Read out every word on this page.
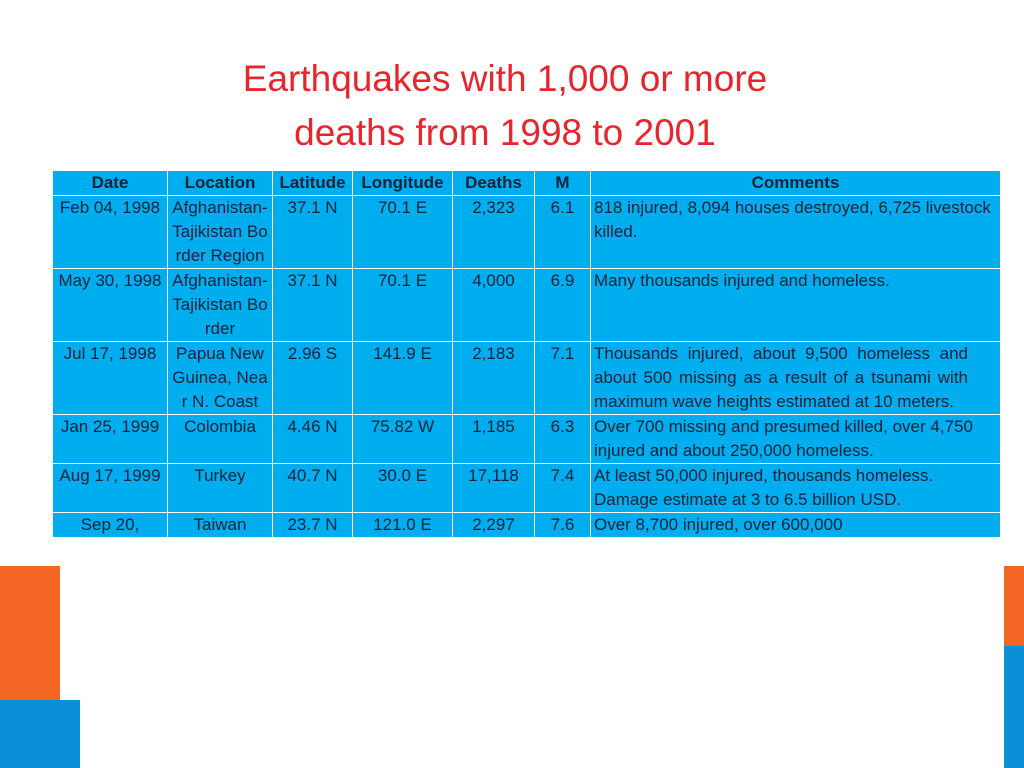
Earthquakes with 1,000 or more
deaths from 1998 to 2001
Date	Location	Latitude	Longitude	Deaths	M	Comments
Feb 04, 1998	Afghanistan-Tajikistan Border Region	37.1 N	70.1 E	2,323	6.1	818 injured, 8,094 houses destroyed, 6,725 livestock killed.
May 30, 1998	Afghanistan-Tajikistan Border	37.1 N	70.1 E	4,000	6.9	Many thousands injured and homeless.
Jul 17, 1998	Papua New Guinea, Near N. Coast	2.96 S	141.9 E	2,183	7.1	Thousands injured, about 9,500 homeless and about 500 missing as a result of a tsunami with maximum wave heights estimated at 10 meters.
Jan 25, 1999	Colombia	4.46 N	75.82 W	1,185	6.3	Over 700 missing and presumed killed, over 4,750 injured and about 250,000 homeless.
Aug 17, 1999	Turkey	40.7 N	30.0 E	17,118	7.4	At least 50,000 injured, thousands homeless. Damage estimate at 3 to 6.5 billion USD.
Sep 20,	Taiwan	23.7 N	121.0 E	2,297	7.6	Over 8,700 injured, over 600,000
